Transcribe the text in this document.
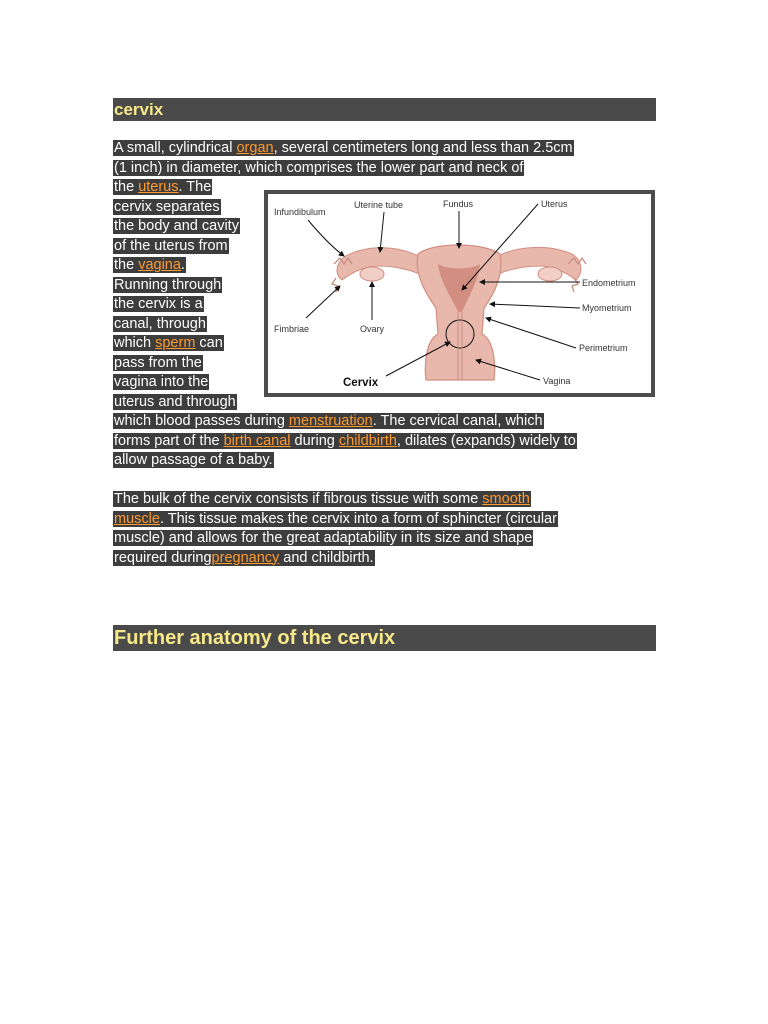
cervix
A small, cylindrical organ, several centimeters long and less than 2.5cm
(1 inch) in diameter, which comprises the lower part and neck of
the uterus. The
cervix separates
the body and cavity
of the uterus from
the vagina.
Running through
the cervix is a
canal, through
which sperm can
pass from the
vagina into the
uterus and through
which blood passes during menstruation. The cervical canal, which
forms part of the birth canal during childbirth, dilates (expands) widely to
allow passage of a baby.
Infundibulum
Uterine tube	Fundus	Uterus
Endometrium
Myometrium
Perimetrium
Fimbriae	Ovary
Cervix	Vagina
The bulk of the cervix consists if fibrous tissue with some smooth
muscle. This tissue makes the cervix into a form of sphincter (circular
muscle) and allows for the great adaptability in its size and shape
required duringpregnancy and childbirth.
Further anatomy of the cervix
